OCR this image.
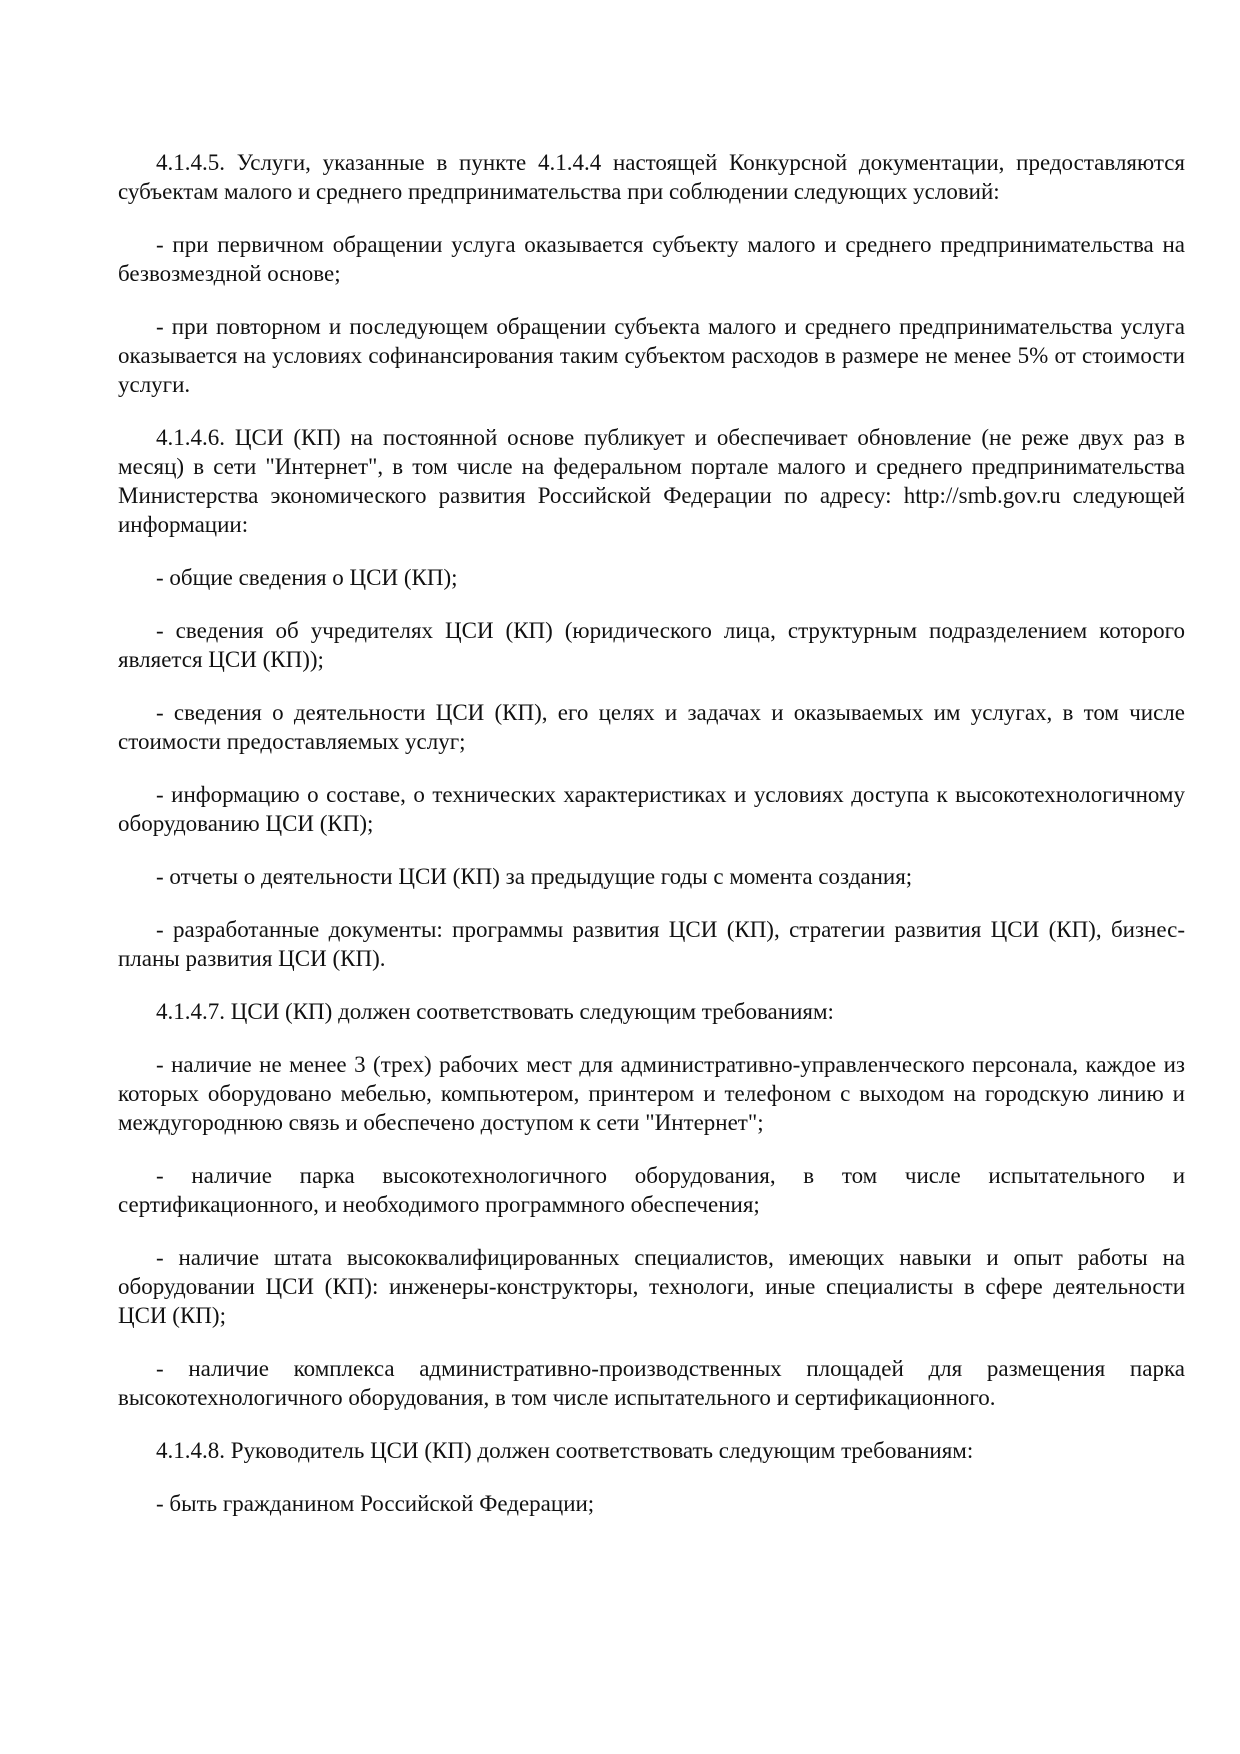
4.1.4.5. Услуги, указанные в пункте 4.1.4.4 настоящей Конкурсной документации, предоставляются субъектам малого и среднего предпринимательства при соблюдении следующих условий:

- при первичном обращении услуга оказывается субъекту малого и среднего предпринимательства на безвозмездной основе;

- при повторном и последующем обращении субъекта малого и среднего предпринимательства услуга оказывается на условиях софинансирования таким субъектом расходов в размере не менее 5% от стоимости услуги.

4.1.4.6. ЦСИ (КП) на постоянной основе публикует и обеспечивает обновление (не реже двух раз в месяц) в сети "Интернет", в том числе на федеральном портале малого и среднего предпринимательства Министерства экономического развития Российской Федерации по адресу: http://smb.gov.ru следующей информации:

- общие сведения о ЦСИ (КП);

- сведения об учредителях ЦСИ (КП) (юридического лица, структурным подразделением которого является ЦСИ (КП));

- сведения о деятельности ЦСИ (КП), его целях и задачах и оказываемых им услугах, в том числе стоимости предоставляемых услуг;

- информацию о составе, о технических характеристиках и условиях доступа к высокотехнологичному оборудованию ЦСИ (КП);

- отчеты о деятельности ЦСИ (КП) за предыдущие годы с момента создания;

- разработанные документы: программы развития ЦСИ (КП), стратегии развития ЦСИ (КП), бизнес-планы развития ЦСИ (КП).

4.1.4.7. ЦСИ (КП) должен соответствовать следующим требованиям:

- наличие не менее 3 (трех) рабочих мест для административно-управленческого персонала, каждое из которых оборудовано мебелью, компьютером, принтером и телефоном с выходом на городскую линию и междугороднюю связь и обеспечено доступом к сети "Интернет";

- наличие парка высокотехнологичного оборудования, в том числе испытательного и сертификационного, и необходимого программного обеспечения;

- наличие штата высококвалифицированных специалистов, имеющих навыки и опыт работы на оборудовании ЦСИ (КП): инженеры-конструкторы, технологи, иные специалисты в сфере деятельности ЦСИ (КП);

- наличие комплекса административно-производственных площадей для размещения парка высокотехнологичного оборудования, в том числе испытательного и сертификационного.

4.1.4.8. Руководитель ЦСИ (КП) должен соответствовать следующим требованиям:

- быть гражданином Российской Федерации;
